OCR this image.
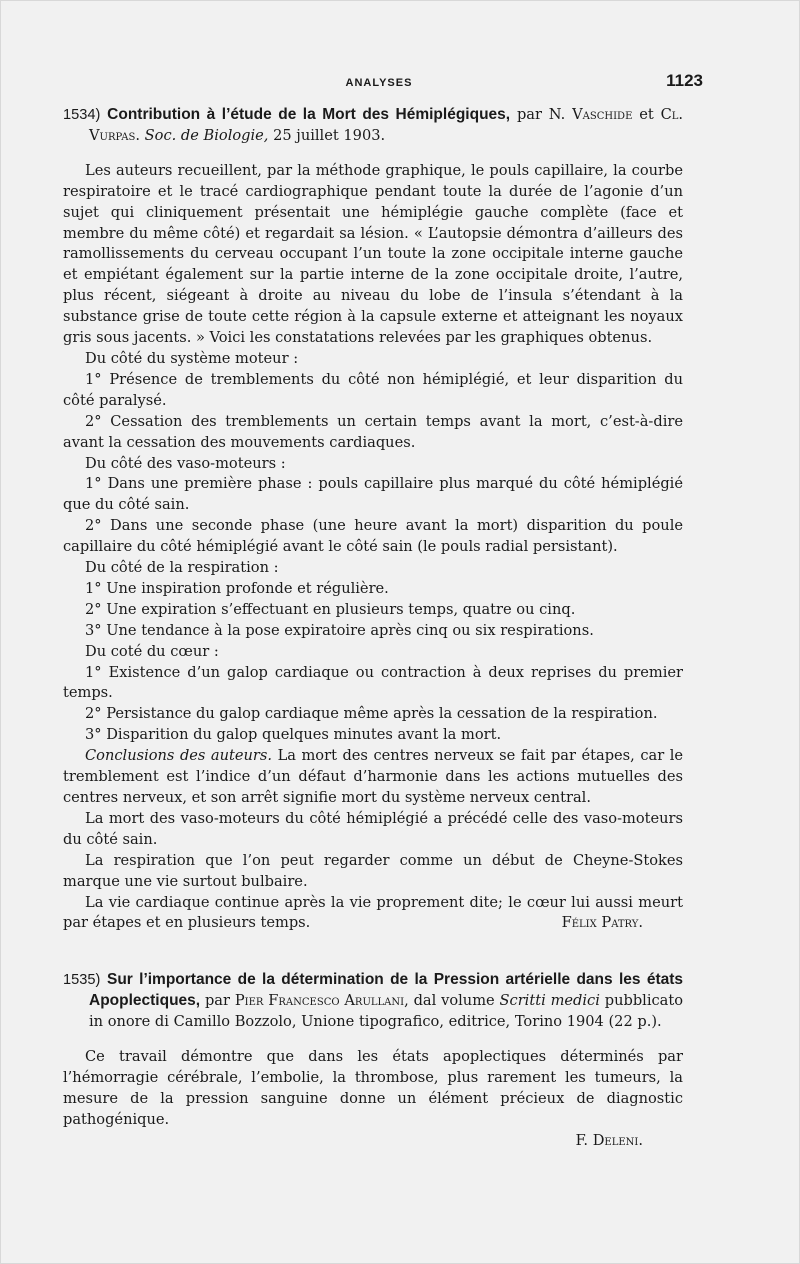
ANALYSES	1123

1534) Contribution à l’étude de la Mort des Hémiplégiques, par N. Vaschide et Cl. Vurpas. Soc. de Biologie, 25 juillet 1903.

Les auteurs recueillent, par la méthode graphique, le pouls capillaire, la courbe respiratoire et le tracé cardiographique pendant toute la durée de l’agonie d’un sujet qui cliniquement présentait une hémiplégie gauche complète (face et membre du même côté) et regardait sa lésion. « L’autopsie démontra d’ailleurs des ramollissements du cerveau occupant l’un toute la zone occipitale interne gauche et empiétant également sur la partie interne de la zone occipitale droite, l’autre, plus récent, siégeant à droite au niveau du lobe de l’insula s’étendant à la substance grise de toute cette région à la capsule externe et atteignant les noyaux gris sous jacents. » Voici les constatations relevées par les graphiques obtenus.

Du côté du système moteur :

1° Présence de tremblements du côté non hémiplégié, et leur disparition du côté paralysé.

2° Cessation des tremblements un certain temps avant la mort, c’est-à-dire avant la cessation des mouvements cardiaques.

Du côté des vaso-moteurs :

1° Dans une première phase : pouls capillaire plus marqué du côté hémiplégié que du côté sain.

2° Dans une seconde phase (une heure avant la mort) disparition du poule capillaire du côté hémiplégié avant le côté sain (le pouls radial persistant).

Du côté de la respiration :

1° Une inspiration profonde et régulière.

2° Une expiration s’effectuant en plusieurs temps, quatre ou cinq.

3° Une tendance à la pose expiratoire après cinq ou six respirations.

Du coté du cœur :

1° Existence d’un galop cardiaque ou contraction à deux reprises du premier temps.

2° Persistance du galop cardiaque même après la cessation de la respiration.

3° Disparition du galop quelques minutes avant la mort.

Conclusions des auteurs. La mort des centres nerveux se fait par étapes, car le tremblement est l’indice d’un défaut d’harmonie dans les actions mutuelles des centres nerveux, et son arrêt signifie mort du système nerveux central.

La mort des vaso-moteurs du côté hémiplégié a précédé celle des vaso-moteurs du côté sain.

La respiration que l’on peut regarder comme un début de Cheyne-Stokes marque une vie surtout bulbaire.

La vie cardiaque continue après la vie proprement dite; le cœur lui aussi meurt par étapes et en plusieurs temps.	Félix Patry.

1535) Sur l’importance de la détermination de la Pression artérielle dans les états Apoplectiques, par Pier Francesco Arullani, dal volume Scritti medici pubblicato in onore di Camillo Bozzolo, Unione tipografico, editrice, Torino 1904 (22 p.).

Ce travail démontre que dans les états apoplectiques déterminés par l’hémorragie cérébrale, l’embolie, la thrombose, plus rarement les tumeurs, la mesure de la pression sanguine donne un élément précieux de diagnostic pathogénique.

F. Deleni.
